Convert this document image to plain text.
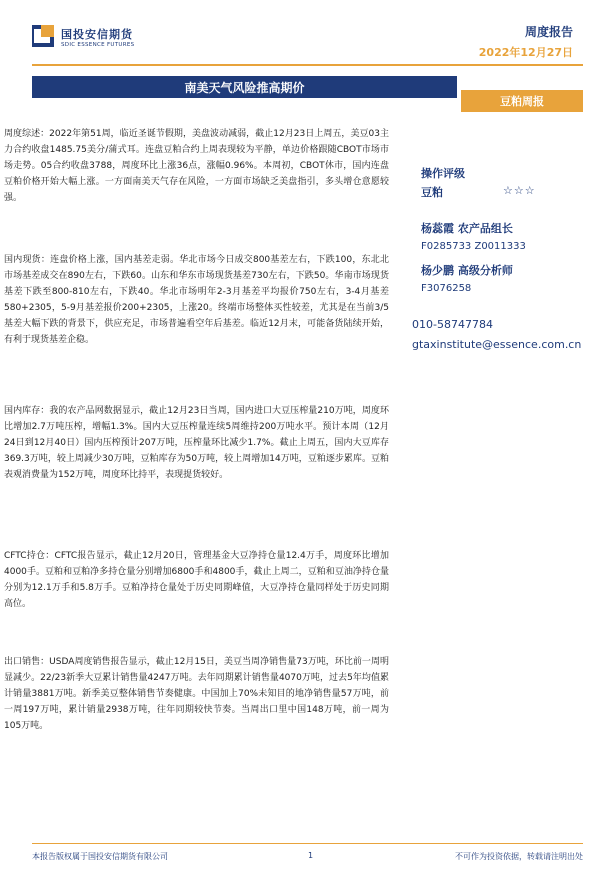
国投安信期货
SDIC ESSENCE FUTURES
周度报告
2022年12月27日
南美天气风险推高期价
豆粕周报

周度综述：2022年第51周，临近圣诞节假期，美盘波动减弱，截止12月23日上周五，美豆03主力合约收盘1485.75美分/蒲式耳。连盘豆粕合约上周表现较为平静，单边价格跟随CBOT市场市场走势。05合约收盘3788，周度环比上涨36点，涨幅0.96%。本周初，CBOT休市，国内连盘豆粕价格开始大幅上涨。一方面南美天气存在风险，一方面市场缺乏美盘指引，多头增仓意愿较强。

国内现货：连盘价格上涨，国内基差走弱。华北市场今日成交800基差左右，下跌100，东北北市场基差成交在890左右，下跌60。山东和华东市场现货基差730左右，下跌50。华南市场现货基差下跌至800-810左右，下跌40。华北市场明年2-3月基差平均报价750左右，3-4月基差580+2305，5-9月基差报价200+2305，上涨20。终端市场整体买性较差，尤其是在当前3/5基差大幅下跌的背景下，供应充足，市场普遍看空年后基差。临近12月末，可能备货陆续开始，有利于现货基差企稳。

国内库存：我的农产品网数据显示，截止12月23日当周，国内进口大豆压榨量210万吨，周度环比增加2.7万吨压榨，增幅1.3%。国内大豆压榨量连续5周维持200万吨水平。预计本周（12月24日到12月40日）国内压榨预计207万吨，压榨量环比减少1.7%。截止上周五，国内大豆库存369.3万吨，较上周减少30万吨，豆粕库存为50万吨，较上周增加14万吨，豆粕逐步累库。豆粕表观消费量为152万吨，周度环比持平，表现提货较好。

CFTC持仓：CFTC报告显示，截止12月20日，管理基金大豆净持仓量12.4万手，周度环比增加4000手。豆粕和豆粕净多持仓量分别增加6800手和4800手，截止上周二，豆粕和豆油净持仓量分别为12.1万手和5.8万手。豆粕净持仓量处于历史同期峰值，大豆净持仓量同样处于历史同期高位。

出口销售：USDA周度销售报告显示，截止12月15日，美豆当周净销售量73万吨，环比前一周明显减少。22/23新季大豆累计销售量4247万吨。去年同期累计销售量4070万吨，过去5年均值累计销量3881万吨。新季美豆整体销售节奏健康。中国加上70%未知目的地净销售量57万吨，前一周197万吨，累计销量2938万吨，往年同期较快节奏。当周出口里中国148万吨，前一周为105万吨。

操作评级
豆粕	☆☆☆
杨蕊霞 农产品组长
F0285733 Z0011333
杨少鹏 高级分析师
F3076258
010-58747784
gtaxinstitute@essence.com.cn
本报告版权属于国投安信期货有限公司	1	不可作为投资依据，转载请注明出处
